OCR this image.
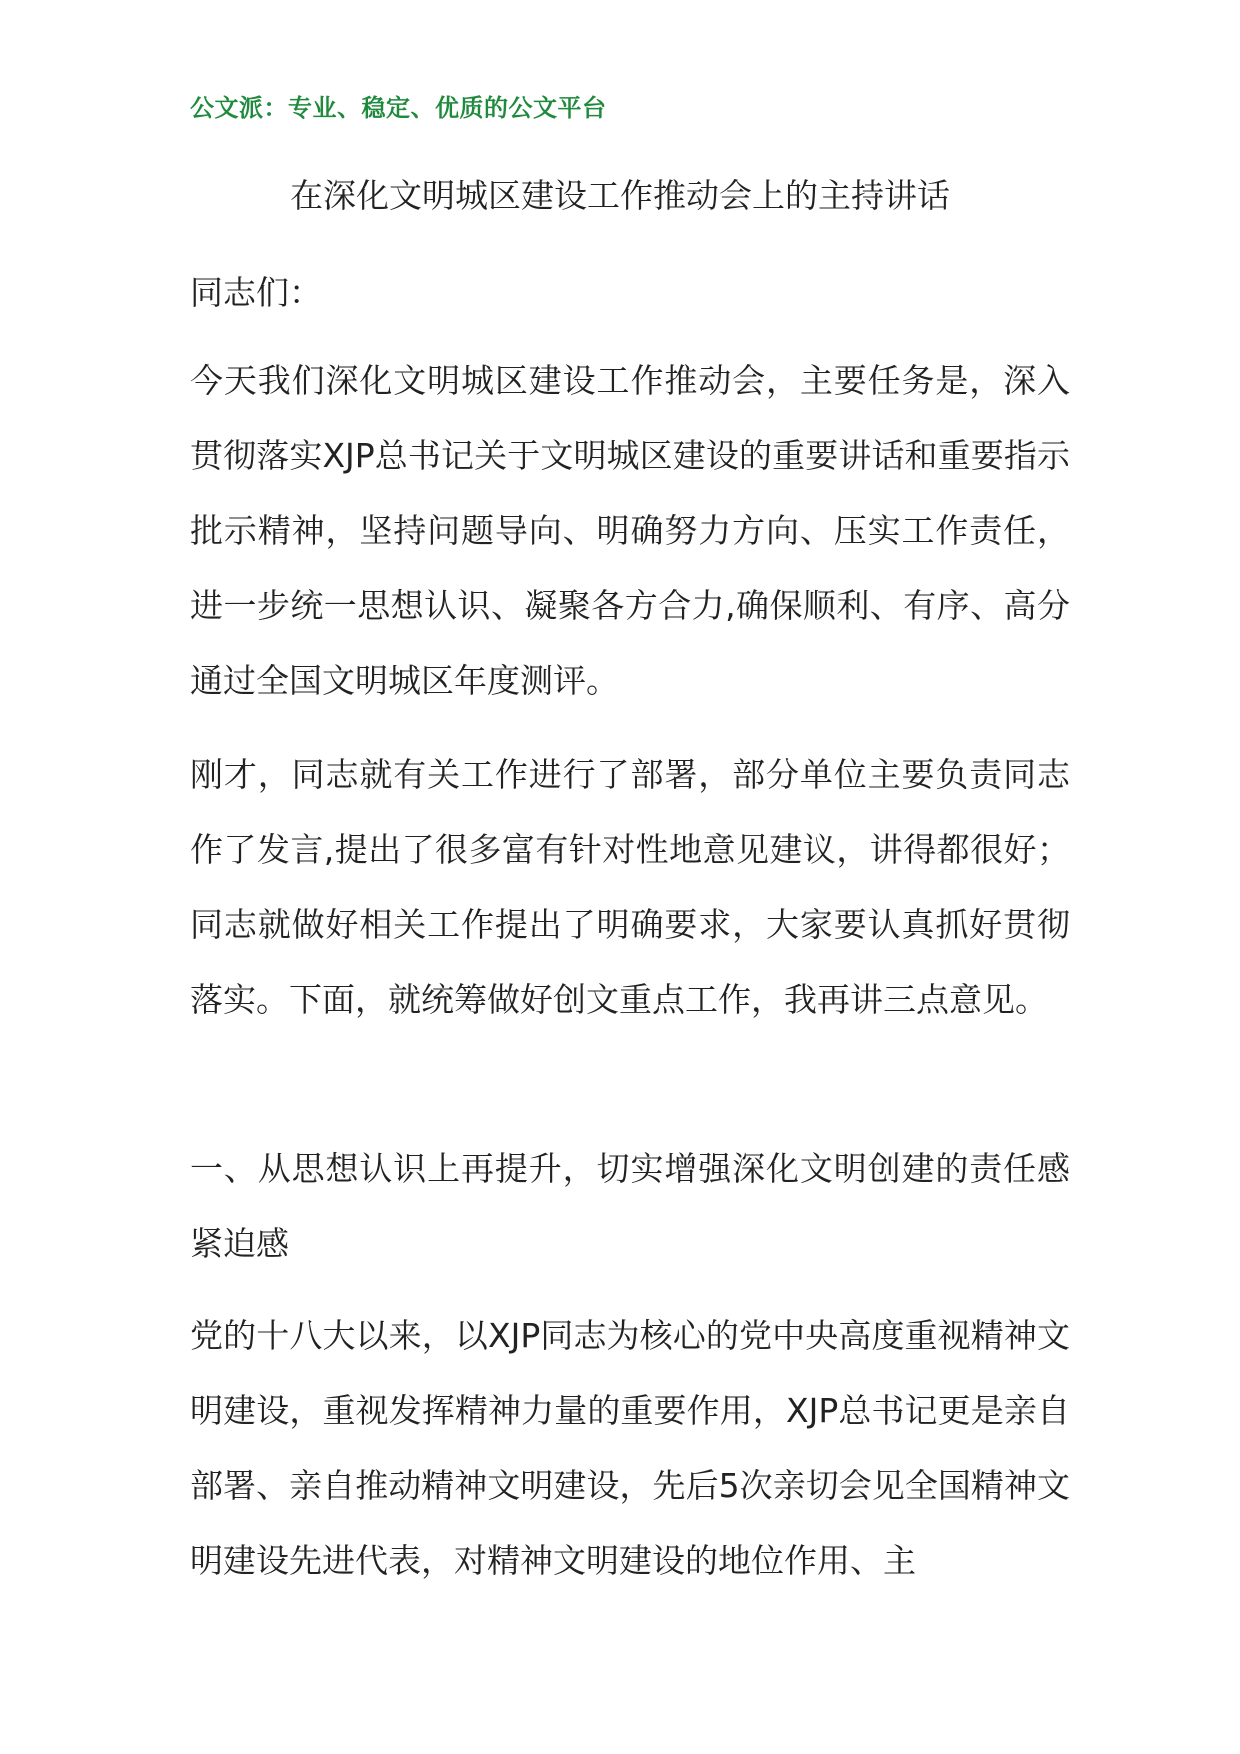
公文派：专业、稳定、优质的公文平台
在深化文明城区建设工作推动会上的主持讲话
同志们：
今天我们深化文明城区建设工作推动会，主要任务是，深入贯彻落实XJP总书记关于文明城区建设的重要讲话和重要指示批示精神，坚持问题导向、明确努力方向、压实工作责任，进一步统一思想认识、凝聚各方合力,确保顺利、有序、高分通过全国文明城区年度测评。
刚才，同志就有关工作进行了部署，部分单位主要负责同志作了发言,提出了很多富有针对性地意见建议，讲得都很好；同志就做好相关工作提出了明确要求，大家要认真抓好贯彻落实。下面，就统筹做好创文重点工作，我再讲三点意见。
一、从思想认识上再提升，切实增强深化文明创建的责任感紧迫感
党的十八大以来，以XJP同志为核心的党中央高度重视精神文明建设，重视发挥精神力量的重要作用，XJP总书记更是亲自部署、亲自推动精神文明建设，先后5次亲切会见全国精神文明建设先进代表，对精神文明建设的地位作用、主
